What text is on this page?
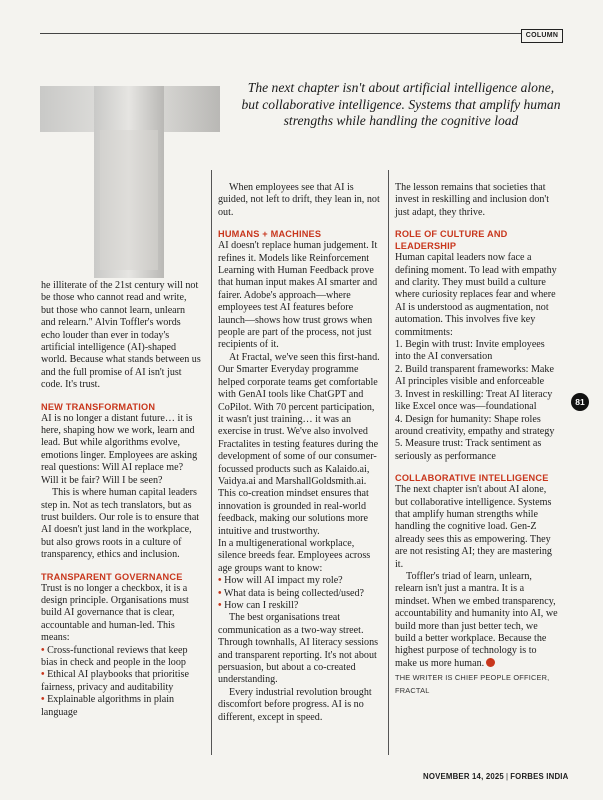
COLUMN
The next chapter isn't about artificial intelligence alone, but collaborative intelligence. Systems that amplify human strengths while handling the cognitive load

he illiterate of the 21st century will not be those who cannot read and write, but those who cannot learn, unlearn and relearn." Alvin Toffler's words echo louder than ever in today's artificial intelligence (AI)-shaped world. Because what stands between us and the full promise of AI isn't just code. It's trust.

NEW TRANSFORMATION

AI is no longer a distant future… it is here, shaping how we work, learn and lead. But while algorithms evolve, emotions linger. Employees are asking real questions: Will AI replace me? Will it be fair? Will I be seen?

This is where human capital leaders step in. Not as tech translators, but as trust builders. Our role is to ensure that AI doesn't just land in the workplace, but also grows roots in a culture of transparency, ethics and inclusion.

TRANSPARENT GOVERNANCE

Trust is no longer a checkbox, it is a design principle. Organisations must build AI governance that is clear, accountable and human-led. This means:

• Cross-functional reviews that keep bias in check and people in the loop

• Ethical AI playbooks that prioritise fairness, privacy and auditability

• Explainable algorithms in plain language

When employees see that AI is guided, not left to drift, they lean in, not out.

HUMANS + MACHINES

AI doesn't replace human judgement. It refines it. Models like Reinforcement Learning with Human Feedback prove that human input makes AI smarter and fairer. Adobe's approach—where employees test AI features before launch—shows how trust grows when people are part of the process, not just recipients of it.

At Fractal, we've seen this first-hand. Our Smarter Everyday programme helped corporate teams get comfortable with GenAI tools like ChatGPT and CoPilot. With 70 percent participation, it wasn't just training… it was an exercise in trust. We've also involved Fractalites in testing features during the development of some of our consumer-focussed products such as Kalaido.ai, Vaidya.ai and MarshallGoldsmith.ai. This co-creation mindset ensures that innovation is grounded in real-world feedback, making our solutions more intuitive and trustworthy.

In a multigenerational workplace, silence breeds fear. Employees across age groups want to know:

• How will AI impact my role?

• What data is being collected/used?

• How can I reskill?

The best organisations treat communication as a two-way street. Through townhalls, AI literacy sessions and transparent reporting. It's not about persuasion, but about a co-created understanding.

Every industrial revolution brought discomfort before progress. AI is no different, except in speed.

The lesson remains that societies that invest in reskilling and inclusion don't just adapt, they thrive.

ROLE OF CULTURE AND LEADERSHIP

Human capital leaders now face a defining moment. To lead with empathy and clarity. They must build a culture where curiosity replaces fear and where AI is understood as augmentation, not automation. This involves five key commitments:

1. Begin with trust: Invite employees into the AI conversation

2. Build transparent frameworks: Make AI principles visible and enforceable

3. Invest in reskilling: Treat AI literacy like Excel once was—foundational

4. Design for humanity: Shape roles around creativity, empathy and strategy

5. Measure trust: Track sentiment as seriously as performance

COLLABORATIVE INTELLIGENCE

The next chapter isn't about AI alone, but collaborative intelligence. Systems that amplify human strengths while handling the cognitive load. Gen-Z already sees this as empowering. They are not resisting AI; they are mastering it.

Toffler's triad of learn, unlearn, relearn isn't just a mantra. It is a mindset. When we embed transparency, accountability and humanity into AI, we build more than just better tech, we build a better workplace. Because the highest purpose of technology is to make us more human.

THE WRITER IS CHIEF PEOPLE OFFICER, FRACTAL
81
NOVEMBER 14, 2025 | FORBES INDIA
